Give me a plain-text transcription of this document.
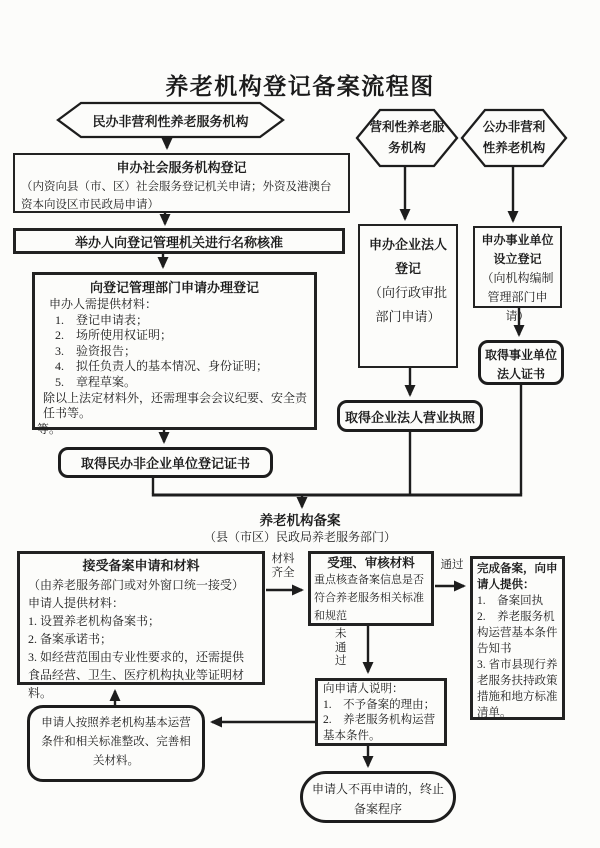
养老机构登记备案流程图
民办非营利性养老服务机构	营利性养老服务机构
公办非营利性养老机构
申办社会服务机构登记
（内资向县（市、区）社会服务登记机关申请；外资及港澳台资本向设区市民政局申请）
举办人向登记管理机关进行名称核准
向登记管理部门申请办理登记
申办人需提供材料：
1.　登记申请表；
2.　场所使用权证明；
3.　验资报告；
4.　拟任负责人的基本情况、身份证明；
5.　章程草案。
除以上法定材料外，还需理事会会议纪要、安全责任书等。
等。
取得民办非企业单位登记证书
申办企业法人登记
（向行政审批部门申请）
申办事业单位设立登记
（向机构编制管理部门申请）
取得事业单位法人证书
取得企业法人营业执照
养老机构备案
（县（市区）民政局养老服务部门）
接受备案申请和材料
（由养老服务部门或对外窗口统一接受）
申请人提供材料：
1. 设置养老机构备案书；
2. 备案承诺书；
3. 如经营范围由专业性要求的，还需提供食品经营、卫生、医疗机构执业等证明材料。
材料齐全
受理、审核材料
重点核查备案信息是否符合养老服务相关标准和规范
通过	完成备案，向申请人提供：
1.　备案回执
2.　养老服务机构运营基本条件告知书
3. 省市县现行养老服务扶持政策措施和地方标准清单。
未通过
向申请人说明：
1.　不予备案的理由；
2.　养老服务机构运营基本条件。
申请人按照养老机构基本运营条件和相关标准整改、完善相关材料。
申请人不再申请的，终止备案程序
